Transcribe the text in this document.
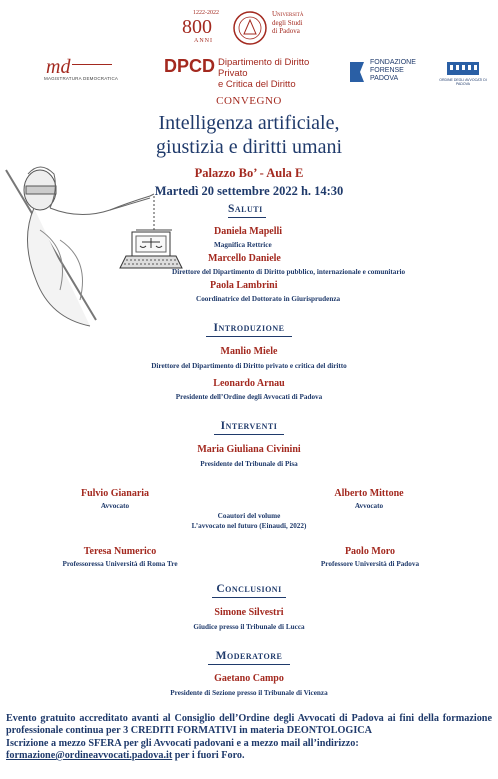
1222-2022
800
ANNI
Università
degli Studi
di Padova
md
MAGISTRATURA DEMOCRATICA
DPCD Dipartimento di Diritto Privato
e Critica del Diritto
FONDAZIONE
FORENSE
PADOVA	ORDINE DEGLI AVVOCATI DI PADOVA
CONVEGNO
Intelligenza artificiale,
giustizia e diritti umani
Palazzo Bo’ - Aula E
Martedì 20 settembre 2022 h. 14:30
Saluti
Daniela Mapelli
Magnifica Rettrice
Marcello Daniele
Direttore del Dipartimento di Diritto pubblico, internazionale e comunitario
Paola Lambrini
Coordinatrice del Dottorato in Giurisprudenza
Introduzione
Manlio Miele
Direttore del Dipartimento di Diritto privato e critica del diritto
Leonardo Arnau
Presidente dell’Ordine degli Avvocati di Padova
Interventi
Maria Giuliana Civinini
Presidente del Tribunale di Pisa
Fulvio Gianaria
Avvocato
Alberto Mittone
Avvocato
Coautori del volume
L’avvocato nel futuro (Einaudi, 2022)
Teresa Numerico
Professoressa Università di Roma Tre
Paolo Moro
Professore Università di Padova
Conclusioni
Simone Silvestri
Giudice presso il Tribunale di Lucca
Moderatore
Gaetano Campo
Presidente di Sezione presso il Tribunale di Vicenza
Evento gratuito accreditato avanti al Consiglio dell’Ordine degli Avvocati di Padova ai fini della formazione professionale continua per 3 CREDITI FORMATIVI in materia DEONTOLOGICA
Iscrizione a mezzo SFERA per gli Avvocati padovani e a mezzo mail all’indirizzo:
formazione@ordineavvocati.padova.it per i fuori Foro.
